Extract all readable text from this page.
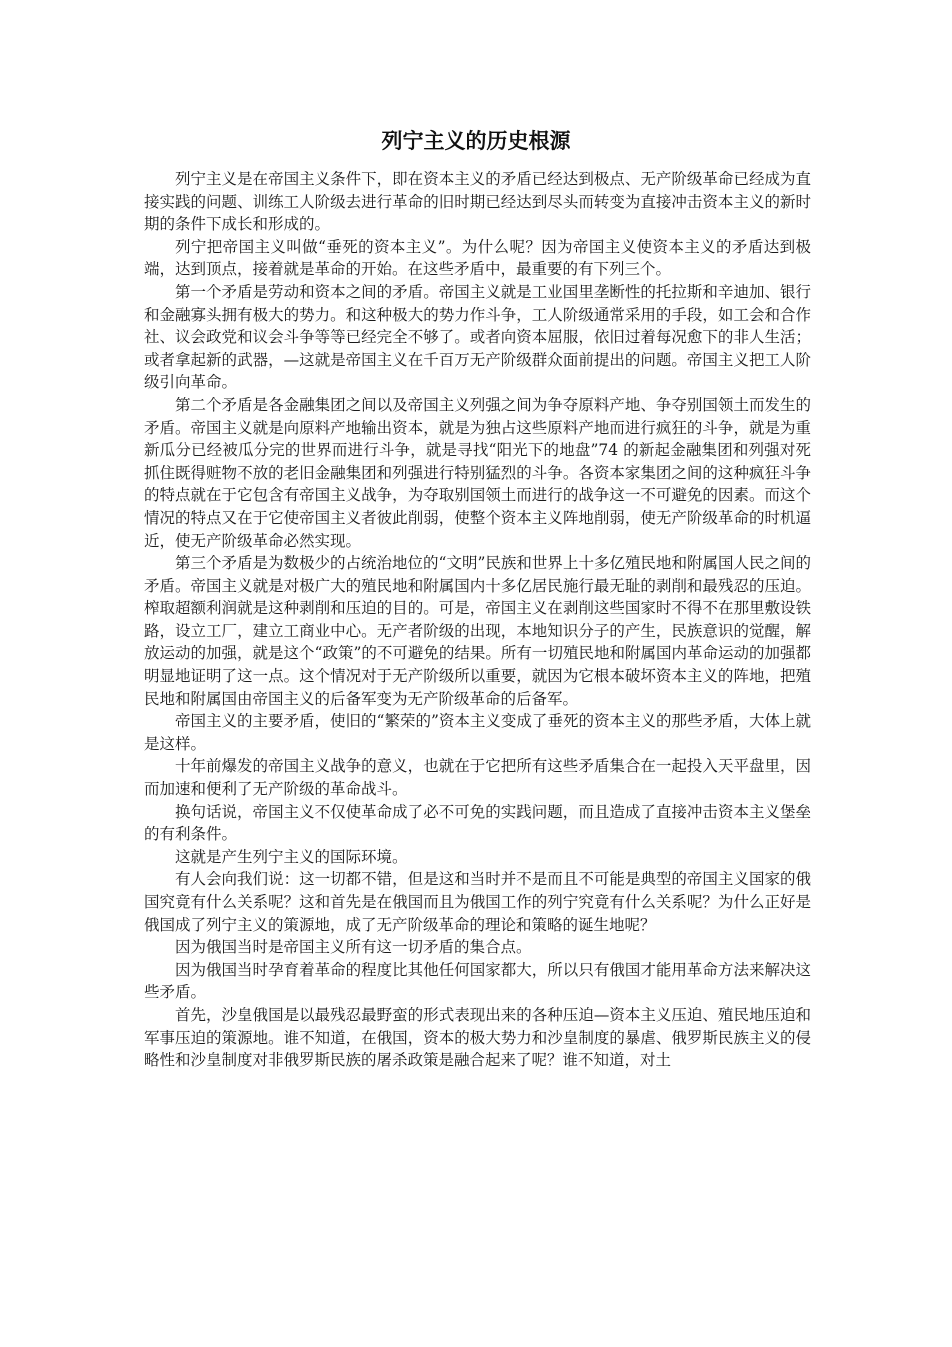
列宁主义的历史根源

列宁主义是在帝国主义条件下，即在资本主义的矛盾已经达到极点、无产阶级革命已经成为直接实践的问题、训练工人阶级去进行革命的旧时期已经达到尽头而转变为直接冲击资本主义的新时期的条件下成长和形成的。

列宁把帝国主义叫做“垂死的资本主义”。为什么呢？因为帝国主义使资本主义的矛盾达到极端，达到顶点，接着就是革命的开始。在这些矛盾中，最重要的有下列三个。

第一个矛盾是劳动和资本之间的矛盾。帝国主义就是工业国里垄断性的托拉斯和辛迪加、银行和金融寡头拥有极大的势力。和这种极大的势力作斗争，工人阶级通常采用的手段，如工会和合作社、议会政党和议会斗争等等已经完全不够了。或者向资本屈服，依旧过着每况愈下的非人生活；或者拿起新的武器，—这就是帝国主义在千百万无产阶级群众面前提出的问题。帝国主义把工人阶级引向革命。

第二个矛盾是各金融集团之间以及帝国主义列强之间为争夺原料产地、争夺别国领土而发生的矛盾。帝国主义就是向原料产地输出资本，就是为独占这些原料产地而进行疯狂的斗争，就是为重新瓜分已经被瓜分完的世界而进行斗争，就是寻找“阳光下的地盘”74 的新起金融集团和列强对死抓住既得赃物不放的老旧金融集团和列强进行特别猛烈的斗争。各资本家集团之间的这种疯狂斗争的特点就在于它包含有帝国主义战争，为夺取别国领土而进行的战争这一不可避免的因素。而这个情况的特点又在于它使帝国主义者彼此削弱，使整个资本主义阵地削弱，使无产阶级革命的时机逼近，使无产阶级革命必然实现。

第三个矛盾是为数极少的占统治地位的“文明”民族和世界上十多亿殖民地和附属国人民之间的矛盾。帝国主义就是对极广大的殖民地和附属国内十多亿居民施行最无耻的剥削和最残忍的压迫。榨取超额利润就是这种剥削和压迫的目的。可是，帝国主义在剥削这些国家时不得不在那里敷设铁路，设立工厂，建立工商业中心。无产者阶级的出现，本地知识分子的产生，民族意识的觉醒，解放运动的加强，就是这个“政策”的不可避免的结果。所有一切殖民地和附属国内革命运动的加强都明显地证明了这一点。这个情况对于无产阶级所以重要，就因为它根本破坏资本主义的阵地，把殖民地和附属国由帝国主义的后备军变为无产阶级革命的后备军。

帝国主义的主要矛盾，使旧的“繁荣的”资本主义变成了垂死的资本主义的那些矛盾，大体上就是这样。

十年前爆发的帝国主义战争的意义，也就在于它把所有这些矛盾集合在一起投入天平盘里，因而加速和便利了无产阶级的革命战斗。

换句话说，帝国主义不仅使革命成了必不可免的实践问题，而且造成了直接冲击资本主义堡垒的有利条件。

这就是产生列宁主义的国际环境。

有人会向我们说：这一切都不错，但是这和当时并不是而且不可能是典型的帝国主义国家的俄国究竟有什么关系呢？这和首先是在俄国而且为俄国工作的列宁究竟有什么关系呢？为什么正好是俄国成了列宁主义的策源地，成了无产阶级革命的理论和策略的诞生地呢？

因为俄国当时是帝国主义所有这一切矛盾的集合点。

因为俄国当时孕育着革命的程度比其他任何国家都大，所以只有俄国才能用革命方法来解决这些矛盾。

首先，沙皇俄国是以最残忍最野蛮的形式表现出来的各种压迫—资本主义压迫、殖民地压迫和军事压迫的策源地。谁不知道，在俄国，资本的极大势力和沙皇制度的暴虐、俄罗斯民族主义的侵略性和沙皇制度对非俄罗斯民族的屠杀政策是融合起来了呢？谁不知道，对土
